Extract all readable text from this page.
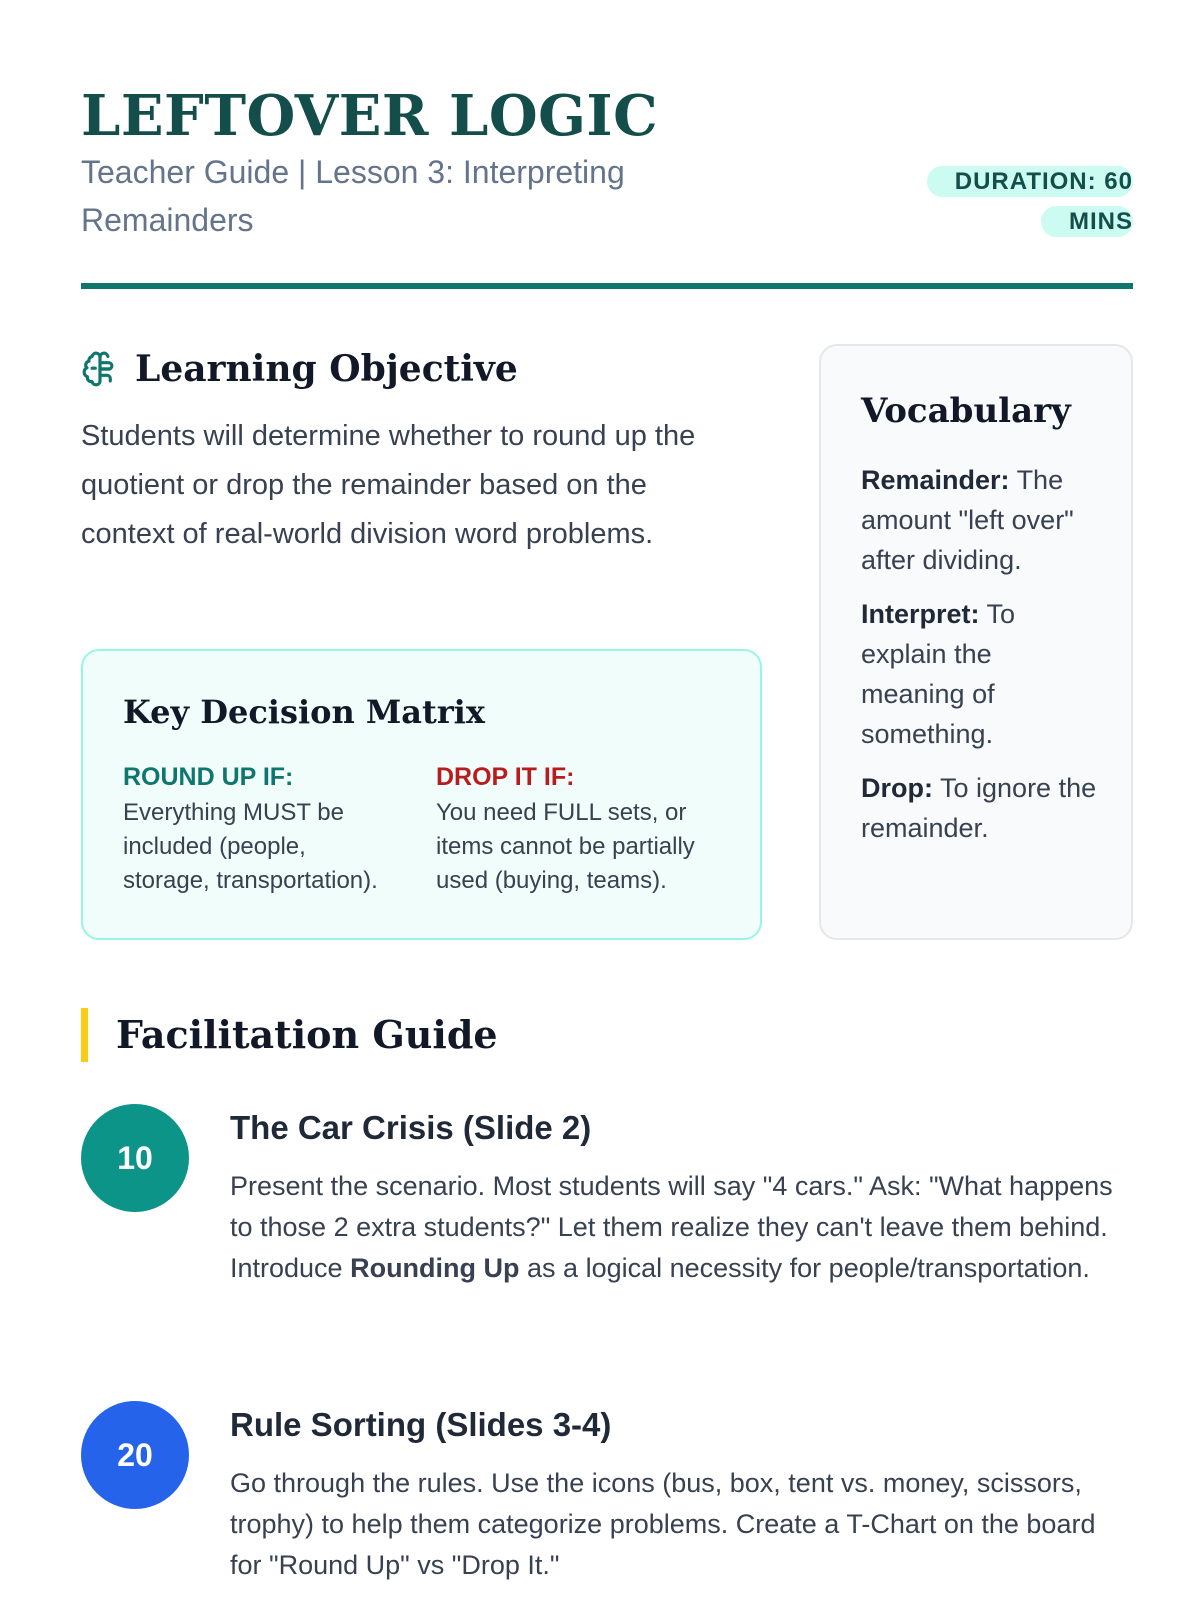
LEFTOVER LOGIC

Teacher Guide | Lesson 3: Interpreting Remainders

DURATION: 60 MINS
Learning Objective

Students will determine whether to round up the quotient or drop the remainder based on the context of real-world division word problems.

Key Decision Matrix
ROUND UP IF:
Everything MUST be included (people, storage, transportation).
DROP IT IF:
You need FULL sets, or items cannot be partially used (buying, teams).
Vocabulary
Remainder: The amount "left over" after dividing.
Interpret: To explain the meaning of something.
Drop: To ignore the remainder.
Facilitation Guide
10

The Car Crisis (Slide 2)

Present the scenario. Most students will say "4 cars." Ask: "What happens to those 2 extra students?" Let them realize they can't leave them behind. Introduce Rounding Up as a logical necessity for people/transportation.

20

Rule Sorting (Slides 3-4)

Go through the rules. Use the icons (bus, box, tent vs. money, scissors, trophy) to help them categorize problems. Create a T-Chart on the board for "Round Up" vs "Drop It."
